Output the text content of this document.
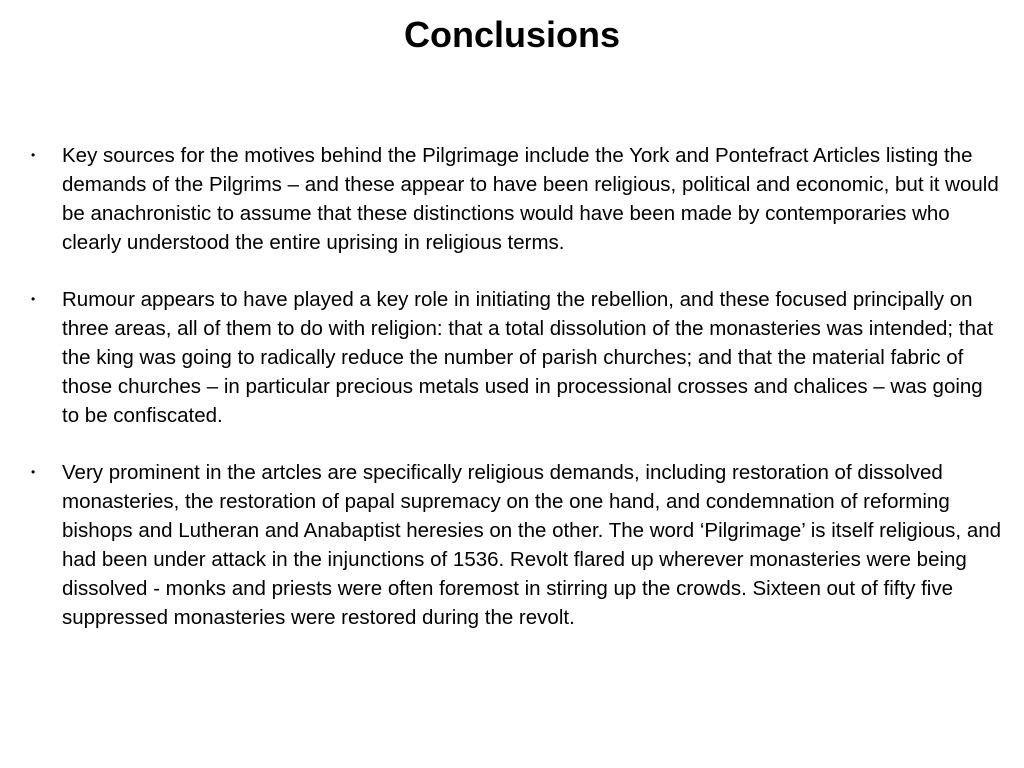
Conclusions
• Key sources for the motives behind the Pilgrimage include the York and Pontefract Articles listing the demands of the Pilgrims – and these appear to have been religious, political and economic, but it would be anachronistic to assume that these distinctions would have been made by contemporaries who clearly understood the entire uprising in religious terms.
• Rumour appears to have played a key role in initiating the rebellion, and these focused principally on three areas, all of them to do with religion: that a total dissolution of the monasteries was intended; that the king was going to radically reduce the number of parish churches; and that the material fabric of those churches – in particular precious metals used in processional crosses and chalices – was going to be confiscated.
• Very prominent in the artcles are specifically religious demands, including restoration of dissolved monasteries, the restoration of papal supremacy on the one hand, and condemnation of reforming bishops and Lutheran and Anabaptist heresies on the other. The word ‘Pilgrimage’ is itself religious, and had been under attack in the injunctions of 1536. Revolt flared up wherever monasteries were being dissolved - monks and priests were often foremost in stirring up the crowds. Sixteen out of fifty five suppressed monasteries were restored during the revolt.
